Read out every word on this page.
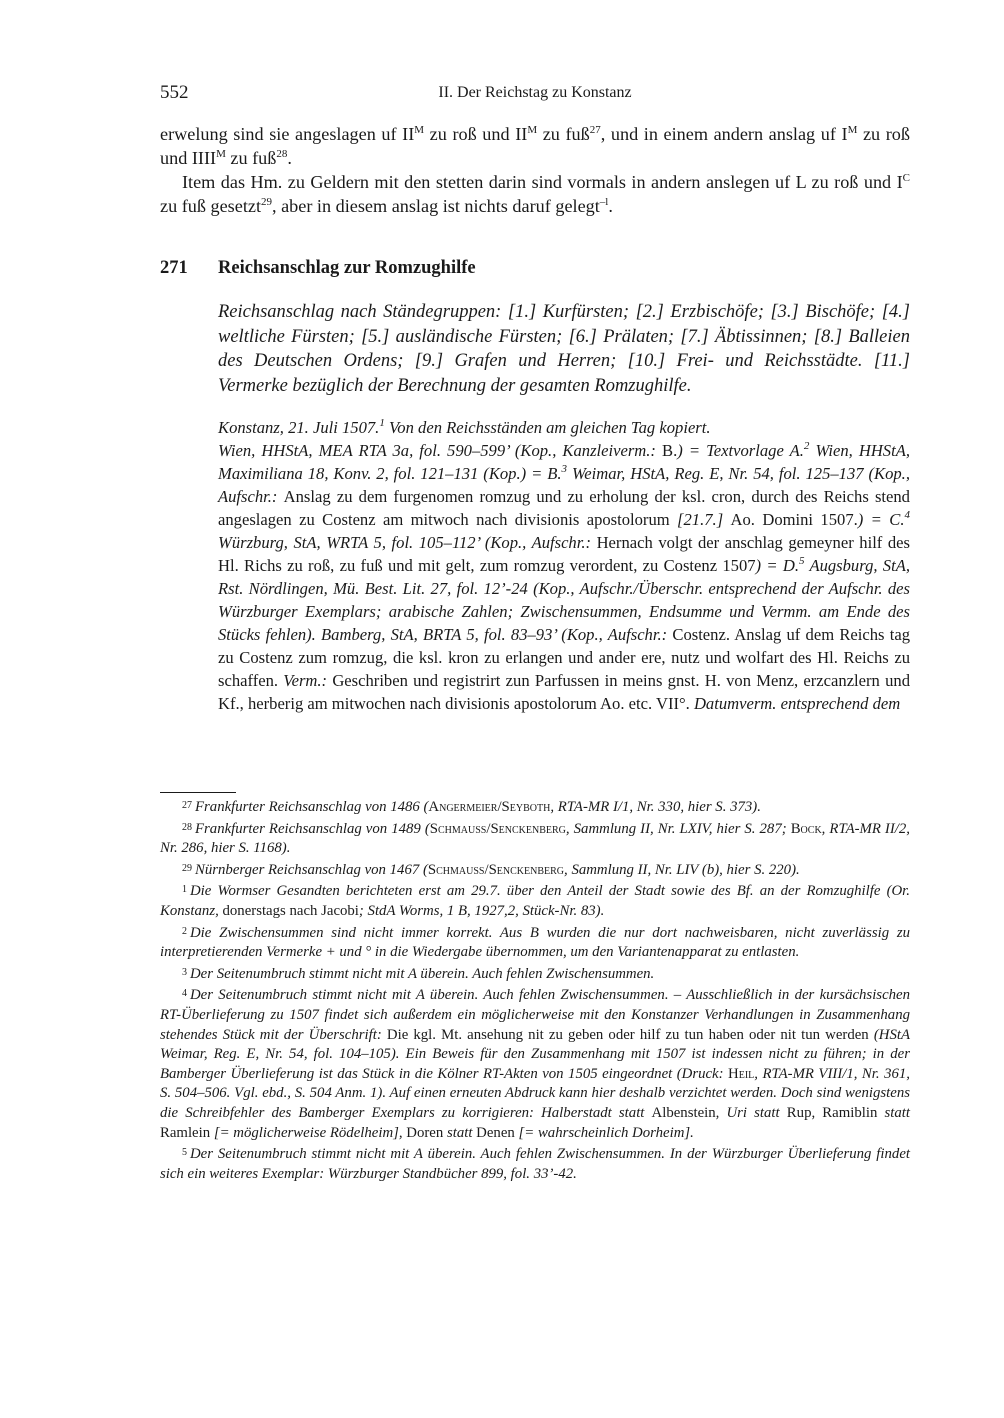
552	II. Der Reichstag zu Konstanz

erwelung sind sie angeslagen uf $II^M$ zu roß und $II^M$ zu fuß$^{27}$, und in einem andern anslag uf $I^M$ zu roß und $IIII^M$ zu fuß$^{28}$.

Item das Hm. zu Geldern mit den stetten darin sind vormals in andern anslegen uf L zu roß und $I^C$ zu fuß gesetzt$^{29}$, aber in diesem anslag ist nichts daruf gelegt$^{-l}$.

271 Reichsanschlag zur Romzughilfe
Reichsanschlag nach Ständegruppen: [1.] Kurfürsten; [2.] Erzbischöfe; [3.] Bischöfe; [4.] weltliche Fürsten; [5.] ausländische Fürsten; [6.] Prälaten; [7.] Äbtissinnen; [8.] Balleien des Deutschen Ordens; [9.] Grafen und Herren; [10.] Frei- und Reichsstädte. [11.] Vermerke bezüglich der Berechnung der gesamten Romzughilfe.

Konstanz, 21. Juli 1507.$^1$ Von den Reichsständen am gleichen Tag kopiert.

Wien, HHStA, MEA RTA 3a, fol. 590–599’ (Kop., Kanzleiverm.: B.) = Textvorlage A.$^2$ Wien, HHStA, Maximiliana 18, Konv. 2, fol. 121–131 (Kop.) = B.$^3$ Weimar, HStA, Reg. E, Nr. 54, fol. 125–137 (Kop., Aufschr.: Anslag zu dem furgenomen romzug und zu erholung der ksl. cron, durch des Reichs stend angeslagen zu Costenz am mitwoch nach divisionis apostolorum [21.7.] Ao. Domini 1507.) = C.$^4$ Würzburg, StA, WRTA 5, fol. 105–112’ (Kop., Aufschr.: Hernach volgt der anschlag gemeyner hilf des Hl. Richs zu roß, zu fuß und mit gelt, zum romzug verordent, zu Costenz 1507) = D.$^5$ Augsburg, StA, Rst. Nördlingen, Mü. Best. Lit. 27, fol. 12’-24 (Kop., Aufschr./Überschr. entsprechend der Aufschr. des Würzburger Exemplars; arabische Zahlen; Zwischensummen, Endsumme und Vermm. am Ende des Stücks fehlen). Bamberg, StA, BRTA 5, fol. 83–93’ (Kop., Aufschr.: Costenz. Anslag uf dem Reichs tag zu Costenz zum romzug, die ksl. kron zu erlangen und ander ere, nutz und wolfart des Hl. Reichs zu schaffen. Verm.: Geschriben und registrirt zun Parfussen in meins gnst. H. von Menz, erzcanzlern und Kf., herberig am mitwochen nach divisionis apostolorum Ao. etc. VII°. Datumverm. entsprechend dem

$^{27}$ Frankfurter Reichsanschlag von 1486 (Angermeier/Seyboth, RTA-MR I/1, Nr. 330, hier S. 373).

$^{28}$ Frankfurter Reichsanschlag von 1489 (Schmauss/Senckenberg, Sammlung II, Nr. LXIV, hier S. 287; Bock, RTA-MR II/2, Nr. 286, hier S. 1168).

$^{29}$ Nürnberger Reichsanschlag von 1467 (Schmauss/Senckenberg, Sammlung II, Nr. LIV (b), hier S. 220).

$^1$ Die Wormser Gesandten berichteten erst am 29.7. über den Anteil der Stadt sowie des Bf. an der Romzughilfe (Or. Konstanz, donerstags nach Jacobi; StdA Worms, 1 B, 1927,2, Stück-Nr. 83).

$^2$ Die Zwischensummen sind nicht immer korrekt. Aus B wurden die nur dort nachweisbaren, nicht zuverlässig zu interpretierenden Vermerke + und ° in die Wiedergabe übernommen, um den Variantenapparat zu entlasten.

$^3$ Der Seitenumbruch stimmt nicht mit A überein. Auch fehlen Zwischensummen.

$^4$ Der Seitenumbruch stimmt nicht mit A überein. Auch fehlen Zwischensummen. – Ausschließlich in der kursächsischen RT-Überlieferung zu 1507 findet sich außerdem ein möglicherweise mit den Konstanzer Verhandlungen in Zusammenhang stehendes Stück mit der Überschrift: Die kgl. Mt. ansehung nit zu geben oder hilf zu tun haben oder nit tun werden (HStA Weimar, Reg. E, Nr. 54, fol. 104–105). Ein Beweis für den Zusammenhang mit 1507 ist indessen nicht zu führen; in der Bamberger Überlieferung ist das Stück in die Kölner RT-Akten von 1505 eingeordnet (Druck: Heil, RTA-MR VIII/1, Nr. 361, S. 504–506. Vgl. ebd., S. 504 Anm. 1). Auf einen erneuten Abdruck kann hier deshalb verzichtet werden. Doch sind wenigstens die Schreibfehler des Bamberger Exemplars zu korrigieren: Halberstadt statt Albenstein, Uri statt Rup, Ramiblin statt Ramlein [= möglicherweise Rödelheim], Doren statt Denen [= wahrscheinlich Dorheim].

$^5$ Der Seitenumbruch stimmt nicht mit A überein. Auch fehlen Zwischensummen. In der Würzburger Überlieferung findet sich ein weiteres Exemplar: Würzburger Standbücher 899, fol. 33’-42.
